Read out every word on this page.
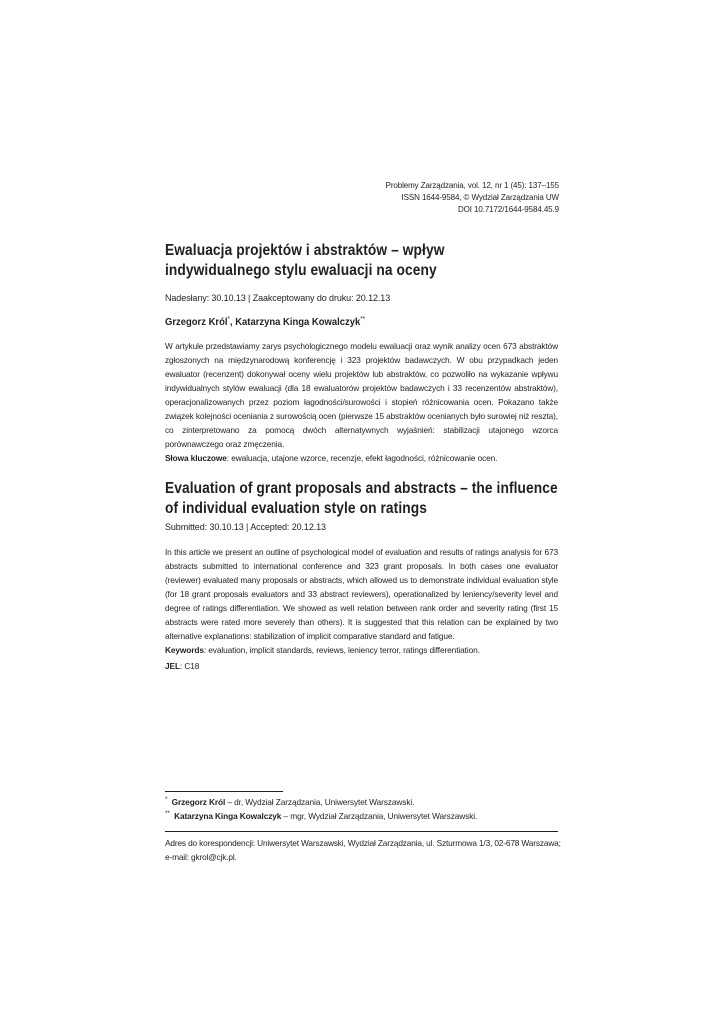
Problemy Zarządzania, vol. 12, nr 1 (45): 137–155
ISSN 1644-9584, © Wydział Zarządzania UW
DOI 10.7172/1644-9584.45.9
Ewaluacja projektów i abstraktów – wpływ
indywidualnego stylu ewaluacji na oceny
Nadesłany: 30.10.13 | Zaakceptowany do druku: 20.12.13
Grzegorz Król*, Katarzyna Kinga Kowalczyk**

W artykule przedstawiamy zarys psychologicznego modelu ewaluacji oraz wynik analizy ocen 673 abstraktów zgłoszonych na międzynarodową konferencję i 323 projektów badawczych. W obu przypadkach jeden ewaluator (recenzent) dokonywał oceny wielu projektów lub abstraktów, co pozwoliło na wykazanie wpływu indywidualnych stylów ewaluacji (dla 18 ewaluatorów projektów badawczych i 33 recenzentów abstraktów), operacjonalizowanych przez poziom łagodności/surowości i stopień różnicowania ocen. Pokazano także związek kolejności oceniania z surowością ocen (pierwsze 15 abstraktów ocenianych było surowiej niż reszta), co zinterpretowano za pomocą dwóch alternatywnych wyjaśnień: stabilizacji utajonego wzorca porównawczego oraz zmęczenia.

Słowa kluczowe: ewaluacja, utajone wzorce, recenzje, efekt łagodności, różnicowanie ocen.
Evaluation of grant proposals and abstracts – the influence
of individual evaluation style on ratings
Submitted: 30.10.13 | Accepted: 20.12.13

In this article we present an outline of psychological model of evaluation and results of ratings analysis for 673 abstracts submitted to international conference and 323 grant proposals. In both cases one evaluator (reviewer) evaluated many proposals or abstracts, which allowed us to demonstrate individual evaluation style (for 18 grant proposals evaluators and 33 abstract reviewers), operationalized by leniency/severity level and degree of ratings differentiation. We showed as well relation between rank order and severity rating (first 15 abstracts were rated more severely than others). It is suggested that this relation can be explained by two alternative explanations: stabilization of implicit comparative standard and fatigue.

Keywords: evaluation, implicit standards, reviews, leniency terror, ratings differentiation.
JEL: C18
* Grzegorz Król – dr, Wydział Zarządzania, Uniwersytet Warszawski.
** Katarzyna Kinga Kowalczyk – mgr, Wydział Zarządzania, Uniwersytet Warszawski.
Adres do korespondencji: Uniwersytet Warszawski, Wydział Zarządzania, ul. Szturmowa 1/3, 02-678 Warszawa;
e-mail: gkrol@cjk.pl.
